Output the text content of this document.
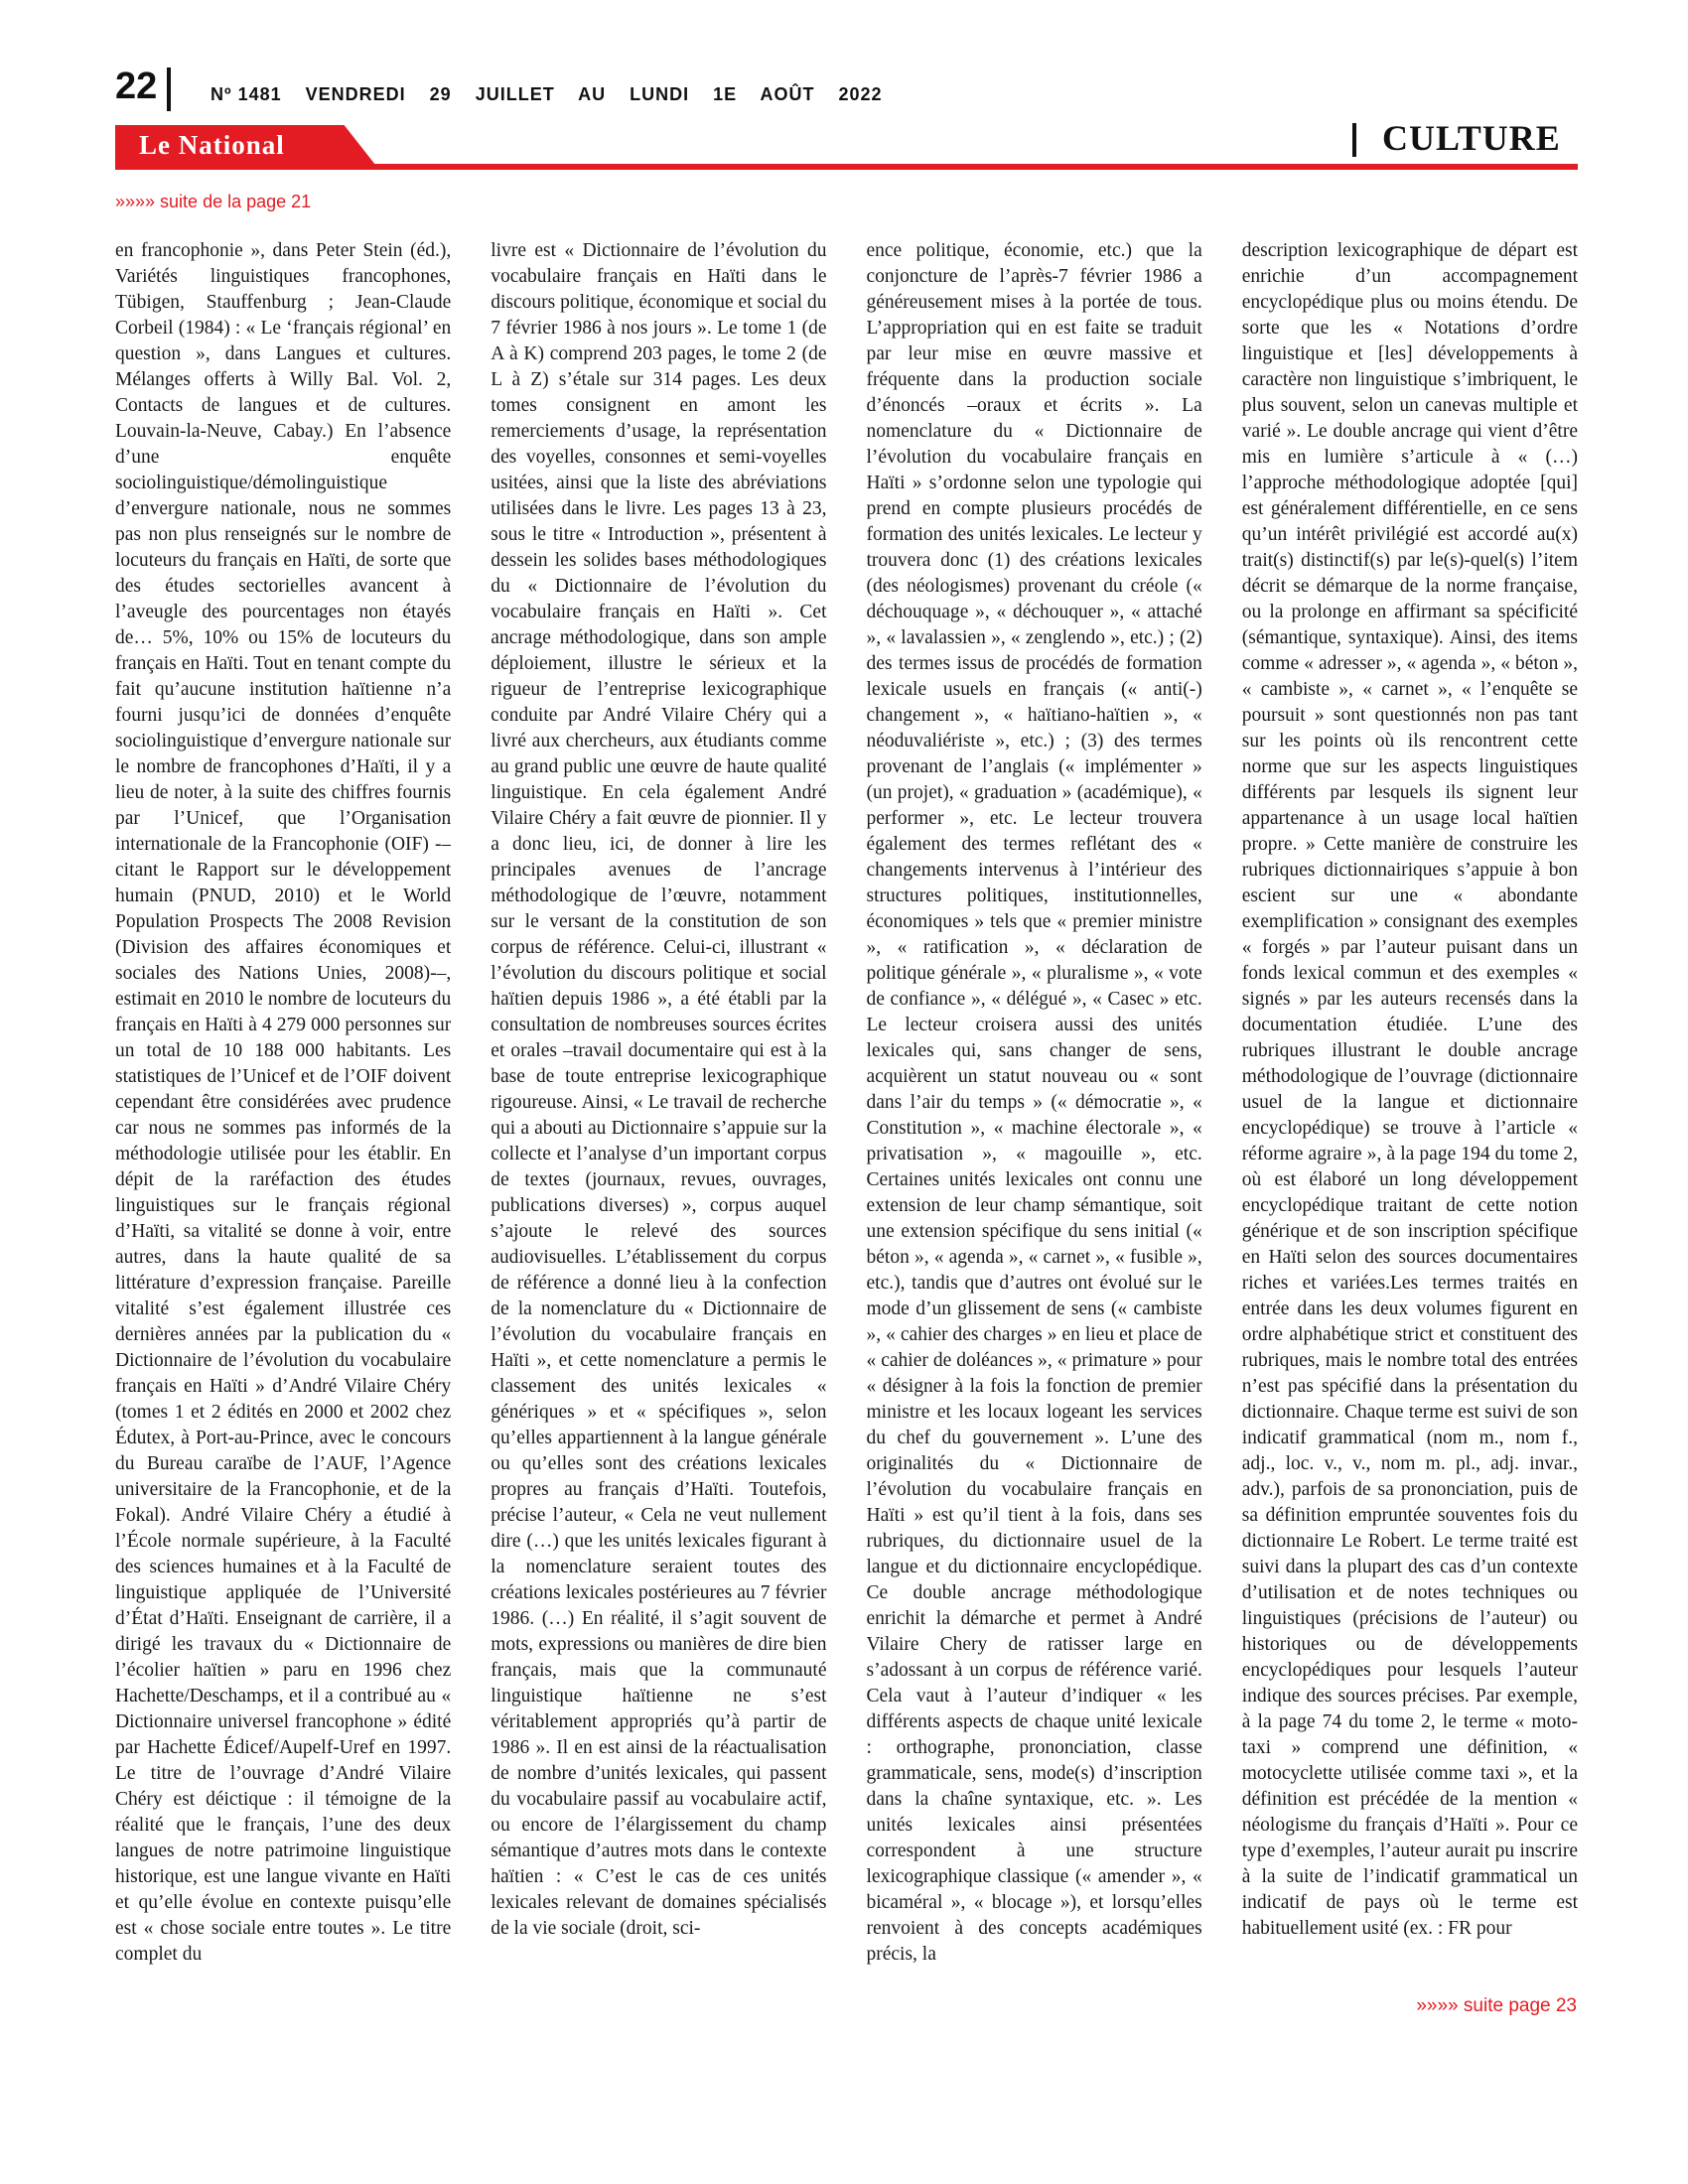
22	Nº 1481 VENDREDI 29 JUILLET AU LUNDI 1E AOÛT 2022
Le National	CULTURE
»»»» suite de la page 21
en francophonie », dans Peter Stein (éd.), Variétés linguistiques francophones, Tübigen, Stauffenburg ; Jean-Claude Corbeil (1984) : « Le ‘français régional’ en question », dans Langues et cultures. Mélanges offerts à Willy Bal. Vol. 2, Contacts de langues et de cultures. Louvain-la-Neuve, Cabay.) En l’absence d’une enquête sociolinguistique/démolinguistique d’envergure nationale, nous ne sommes pas non plus renseignés sur le nombre de locuteurs du français en Haïti, de sorte que des études sectorielles avancent à l’aveugle des pourcentages non étayés de… 5%, 10% ou 15% de locuteurs du français en Haïti. Tout en tenant compte du fait qu’aucune institution haïtienne n’a fourni jusqu’ici de données d’enquête sociolinguistique d’envergure nationale sur le nombre de francophones d’Haïti, il y a lieu de noter, à la suite des chiffres fournis par l’Unicef, que l’Organisation internationale de la Francophonie (OIF) -–citant le Rapport sur le développement humain (PNUD, 2010) et le World Population Prospects The 2008 Revision (Division des affaires économiques et sociales des Nations Unies, 2008)-–, estimait en 2010 le nombre de locuteurs du français en Haïti à 4 279 000 personnes sur un total de 10 188 000 habitants. Les statistiques de l’Unicef et de l’OIF doivent cependant être considérées avec prudence car nous ne sommes pas informés de la méthodologie utilisée pour les établir. En dépit de la raréfaction des études linguistiques sur le français régional d’Haïti, sa vitalité se donne à voir, entre autres, dans la haute qualité de sa littérature d’expression française. Pareille vitalité s’est également illustrée ces dernières années par la publication du « Dictionnaire de l’évolution du vocabulaire français en Haïti » d’André Vilaire Chéry (tomes 1 et 2 édités en 2000 et 2002 chez Édutex, à Port-au-Prince, avec le concours du Bureau caraïbe de l’AUF, l’Agence universitaire de la Francophonie, et de la Fokal). André Vilaire Chéry a étudié à l’École normale supérieure, à la Faculté des sciences humaines et à la Faculté de linguistique appliquée de l’Université d’État d’Haïti. Enseignant de carrière, il a dirigé les travaux du « Dictionnaire de l’écolier haïtien » paru en 1996 chez Hachette/Deschamps, et il a contribué au « Dictionnaire universel francophone » édité par Hachette Édicef/Aupelf-Uref en 1997. Le titre de l’ouvrage d’André Vilaire Chéry est déictique : il témoigne de la réalité que le français, l’une des deux langues de notre patrimoine linguistique historique, est une langue vivante en Haïti et qu’elle évolue en contexte puisqu’elle est « chose sociale entre toutes ». Le titre complet du
livre est « Dictionnaire de l’évolution du vocabulaire français en Haïti dans le discours politique, économique et social du 7 février 1986 à nos jours ». Le tome 1 (de A à K) comprend 203 pages, le tome 2 (de L à Z) s’étale sur 314 pages. Les deux tomes consignent en amont les remerciements d’usage, la représentation des voyelles, consonnes et semi-voyelles usitées, ainsi que la liste des abréviations utilisées dans le livre. Les pages 13 à 23, sous le titre « Introduction », présentent à dessein les solides bases méthodologiques du « Dictionnaire de l’évolution du vocabulaire français en Haïti ». Cet ancrage méthodologique, dans son ample déploiement, illustre le sérieux et la rigueur de l’entreprise lexicographique conduite par André Vilaire Chéry qui a livré aux chercheurs, aux étudiants comme au grand public une œuvre de haute qualité linguistique. En cela également André Vilaire Chéry a fait œuvre de pionnier. Il y a donc lieu, ici, de donner à lire les principales avenues de l’ancrage méthodologique de l’œuvre, notamment sur le versant de la constitution de son corpus de référence. Celui-ci, illustrant « l’évolution du discours politique et social haïtien depuis 1986 », a été établi par la consultation de nombreuses sources écrites et orales –travail documentaire qui est à la base de toute entreprise lexicographique rigoureuse. Ainsi, « Le travail de recherche qui a abouti au Dictionnaire s’appuie sur la collecte et l’analyse d’un important corpus de textes (journaux, revues, ouvrages, publications diverses) », corpus auquel s’ajoute le relevé des sources audiovisuelles. L’établissement du corpus de référence a donné lieu à la confection de la nomenclature du « Dictionnaire de l’évolution du vocabulaire français en Haïti », et cette nomenclature a permis le classement des unités lexicales « génériques » et « spécifiques », selon qu’elles appartiennent à la langue générale ou qu’elles sont des créations lexicales propres au français d’Haïti. Toutefois, précise l’auteur, « Cela ne veut nullement dire (…) que les unités lexicales figurant à la nomenclature seraient toutes des créations lexicales postérieures au 7 février 1986. (…) En réalité, il s’agit souvent de mots, expressions ou manières de dire bien français, mais que la communauté linguistique haïtienne ne s’est véritablement appropriés qu’à partir de 1986 ». Il en est ainsi de la réactualisation de nombre d’unités lexicales, qui passent du vocabulaire passif au vocabulaire actif, ou encore de l’élargissement du champ sémantique d’autres mots dans le contexte haïtien : « C’est le cas de ces unités lexicales relevant de domaines spécialisés de la vie sociale (droit, sci-
ence politique, économie, etc.) que la conjoncture de l’après-7 février 1986 a généreusement mises à la portée de tous. L’appropriation qui en est faite se traduit par leur mise en œuvre massive et fréquente dans la production sociale d’énoncés –oraux et écrits ». La nomenclature du « Dictionnaire de l’évolution du vocabulaire français en Haïti » s’ordonne selon une typologie qui prend en compte plusieurs procédés de formation des unités lexicales. Le lecteur y trouvera donc (1) des créations lexicales (des néologismes) provenant du créole (« déchouquage », « déchouquer », « attaché », « lavalassien », « zenglendo », etc.) ; (2) des termes issus de procédés de formation lexicale usuels en français (« anti(-) changement », « haïtiano-haïtien », « néoduvaliériste », etc.) ; (3) des termes provenant de l’anglais (« implémenter » (un projet), « graduation » (académique), « performer », etc. Le lecteur trouvera également des termes reflétant des « changements intervenus à l’intérieur des structures politiques, institutionnelles, économiques » tels que « premier ministre », « ratification », « déclaration de politique générale », « pluralisme », « vote de confiance », « délégué », « Casec » etc. Le lecteur croisera aussi des unités lexicales qui, sans changer de sens, acquièrent un statut nouveau ou « sont dans l’air du temps » (« démocratie », « Constitution », « machine électorale », « privatisation », « magouille », etc. Certaines unités lexicales ont connu une extension de leur champ sémantique, soit une extension spécifique du sens initial (« béton », « agenda », « carnet », « fusible », etc.), tandis que d’autres ont évolué sur le mode d’un glissement de sens (« cambiste », « cahier des charges » en lieu et place de « cahier de doléances », « primature » pour « désigner à la fois la fonction de premier ministre et les locaux logeant les services du chef du gouvernement ». L’une des originalités du « Dictionnaire de l’évolution du vocabulaire français en Haïti » est qu’il tient à la fois, dans ses rubriques, du dictionnaire usuel de la langue et du dictionnaire encyclopédique. Ce double ancrage méthodologique enrichit la démarche et permet à André Vilaire Chery de ratisser large en s’adossant à un corpus de référence varié. Cela vaut à l’auteur d’indiquer « les différents aspects de chaque unité lexicale : orthographe, prononciation, classe grammaticale, sens, mode(s) d’inscription dans la chaîne syntaxique, etc. ». Les unités lexicales ainsi présentées correspondent à une structure lexicographique classique (« amender », « bicaméral », « blocage »), et lorsqu’elles renvoient à des concepts académiques précis, la
description lexicographique de départ est enrichie d’un accompagnement encyclopédique plus ou moins étendu. De sorte que les « Notations d’ordre linguistique et [les] développements à caractère non linguistique s’imbriquent, le plus souvent, selon un canevas multiple et varié ». Le double ancrage qui vient d’être mis en lumière s’articule à « (…) l’approche méthodologique adoptée [qui] est généralement différentielle, en ce sens qu’un intérêt privilégié est accordé au(x) trait(s) distinctif(s) par le(s)-quel(s) l’item décrit se démarque de la norme française, ou la prolonge en affirmant sa spécificité (sémantique, syntaxique). Ainsi, des items comme « adresser », « agenda », « béton », « cambiste », « carnet », « l’enquête se poursuit » sont questionnés non pas tant sur les points où ils rencontrent cette norme que sur les aspects linguistiques différents par lesquels ils signent leur appartenance à un usage local haïtien propre. » Cette manière de construire les rubriques dictionnairiques s’appuie à bon escient sur une « abondante exemplification » consignant des exemples « forgés » par l’auteur puisant dans un fonds lexical commun et des exemples « signés » par les auteurs recensés dans la documentation étudiée. L’une des rubriques illustrant le double ancrage méthodologique de l’ouvrage (dictionnaire usuel de la langue et dictionnaire encyclopédique) se trouve à l’article « réforme agraire », à la page 194 du tome 2, où est élaboré un long développement encyclopédique traitant de cette notion générique et de son inscription spécifique en Haïti selon des sources documentaires riches et variées.Les termes traités en entrée dans les deux volumes figurent en ordre alphabétique strict et constituent des rubriques, mais le nombre total des entrées n’est pas spécifié dans la présentation du dictionnaire. Chaque terme est suivi de son indicatif grammatical (nom m., nom f., adj., loc. v., v., nom m. pl., adj. invar., adv.), parfois de sa prononciation, puis de sa définition empruntée souventes fois du dictionnaire Le Robert. Le terme traité est suivi dans la plupart des cas d’un contexte d’utilisation et de notes techniques ou linguistiques (précisions de l’auteur) ou historiques ou de développements encyclopédiques pour lesquels l’auteur indique des sources précises. Par exemple, à la page 74 du tome 2, le terme « moto-taxi » comprend une définition, « motocyclette utilisée comme taxi », et la définition est précédée de la mention « néologisme du français d’Haïti ». Pour ce type d’exemples, l’auteur aurait pu inscrire à la suite de l’indicatif grammatical un indicatif de pays où le terme est habituellement usité (ex. : FR pour
»»»» suite page 23
